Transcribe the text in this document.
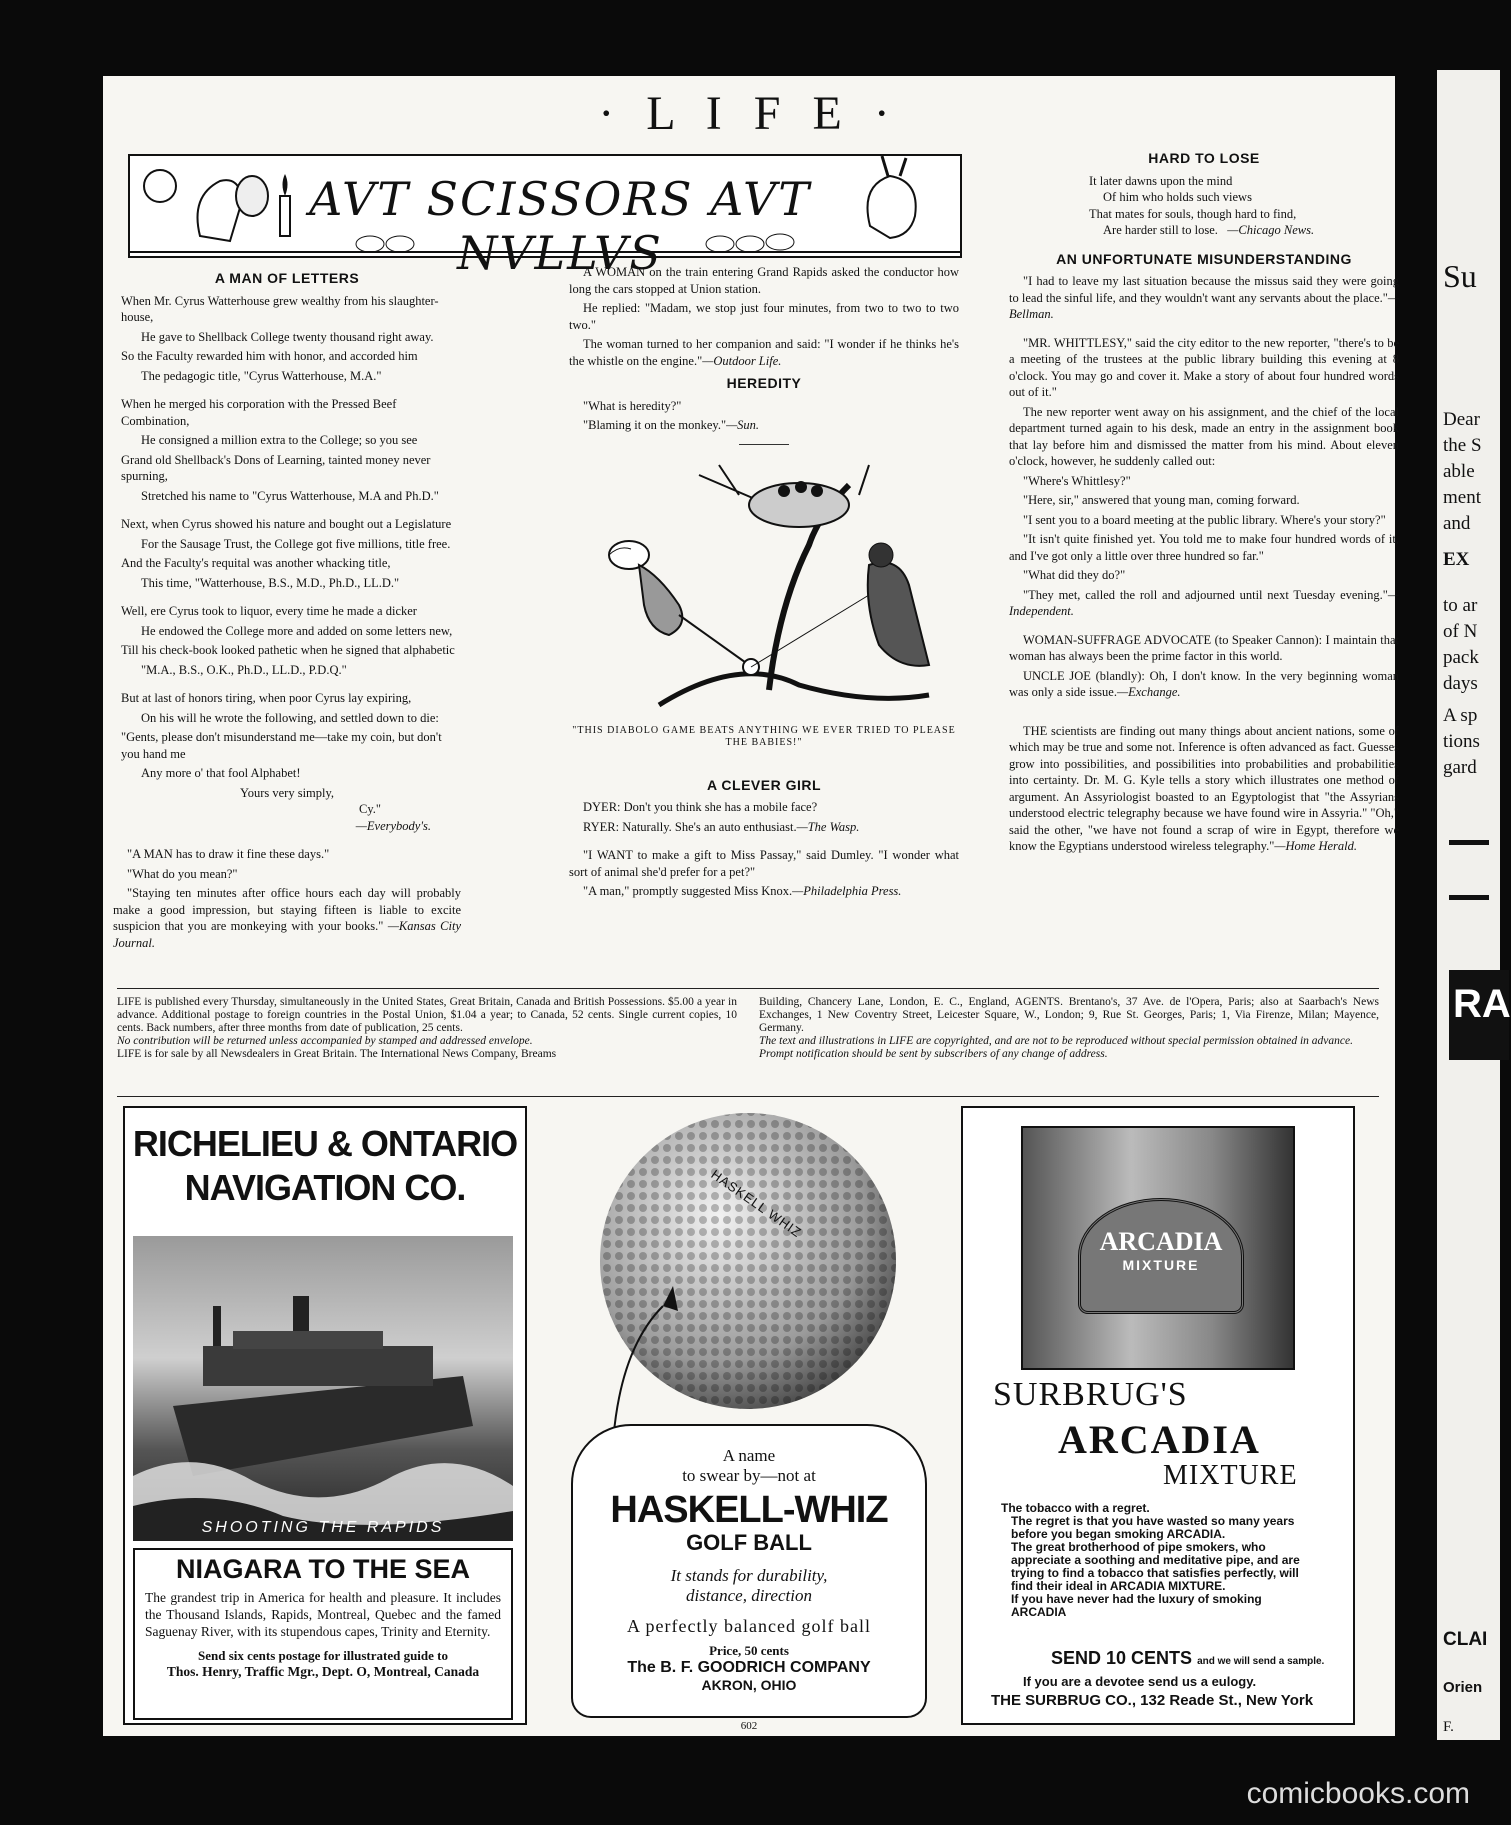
Su
Dear
the S
able
ment
and
EX
to ar
of N
pack
days
A sp
tions
gard
RA
CLAI
Orien
F.
· L I F E ·
AVT SCISSORS AVT NVLLVS
A MAN OF LETTERS

When Mr. Cyrus Watterhouse grew wealthy from his slaughter-house,

He gave to Shellback College twenty thousand right away.

So the Faculty rewarded him with honor, and accorded him

The pedagogic title, "Cyrus Watterhouse, M.A."

When he merged his corporation with the Pressed Beef Combination,

He consigned a million extra to the College; so you see

Grand old Shellback's Dons of Learning, tainted money never spurning,

Stretched his name to "Cyrus Watterhouse, M.A and Ph.D."

Next, when Cyrus showed his nature and bought out a Legislature

For the Sausage Trust, the College got five millions, title free.

And the Faculty's requital was another whacking title,

This time, "Watterhouse, B.S., M.D., Ph.D., LL.D."

Well, ere Cyrus took to liquor, every time he made a dicker

He endowed the College more and added on some letters new,

Till his check-book looked pathetic when he signed that alphabetic

"M.A., B.S., O.K., Ph.D., LL.D., P.D.Q."

But at last of honors tiring, when poor Cyrus lay expiring,

On his will he wrote the following, and settled down to die:

"Gents, please don't misunderstand me—take my coin, but don't you hand me

Any more o' that fool Alphabet!

Yours very simply,

Cy."

—Everybody's.

"A MAN has to draw it fine these days."

"What do you mean?"

"Staying ten minutes after office hours each day will probably make a good impression, but staying fifteen is liable to excite suspicion that you are monkeying with your books." —Kansas City Journal.

A WOMAN on the train entering Grand Rapids asked the conductor how long the cars stopped at Union station.

He replied: "Madam, we stop just four minutes, from two to two to two two."

The woman turned to her companion and said: "I wonder if he thinks he's the whistle on the engine."—Outdoor Life.

HEREDITY

"What is heredity?"

"Blaming it on the monkey."—Sun.

"THIS DIABOLO GAME BEATS ANYTHING WE EVER TRIED TO PLEASE THE BABIES!"

A CLEVER GIRL

DYER: Don't you think she has a mobile face?

RYER: Naturally. She's an auto enthusiast.—The Wasp.

"I WANT to make a gift to Miss Passay," said Dumley. "I wonder what sort of animal she'd prefer for a pet?"

"A man," promptly suggested Miss Knox.—Philadelphia Press.

HARD TO LOSE

It later dawns upon the mind

Of him who holds such views

That mates for souls, though hard to find,

Are harder still to lose. —Chicago News.

AN UNFORTUNATE MISUNDERSTANDING

"I had to leave my last situation because the missus said they were going to lead the sinful life, and they wouldn't want any servants about the place."—Bellman.

"MR. WHITTLESY," said the city editor to the new reporter, "there's to be a meeting of the trustees at the public library building this evening at 8 o'clock. You may go and cover it. Make a story of about four hundred words out of it."

The new reporter went away on his assignment, and the chief of the local department turned again to his desk, made an entry in the assignment book that lay before him and dismissed the matter from his mind. About eleven o'clock, however, he suddenly called out:

"Where's Whittlesy?"

"Here, sir," answered that young man, coming forward.

"I sent you to a board meeting at the public library. Where's your story?"

"It isn't quite finished yet. You told me to make four hundred words of it, and I've got only a little over three hundred so far."

"What did they do?"

"They met, called the roll and adjourned until next Tuesday evening."—Independent.

WOMAN-SUFFRAGE ADVOCATE (to Speaker Cannon): I maintain that woman has always been the prime factor in this world.

UNCLE JOE (blandly): Oh, I don't know. In the very beginning woman was only a side issue.—Exchange.

THE scientists are finding out many things about ancient nations, some of which may be true and some not. Inference is often advanced as fact. Guesses grow into possibilities, and possibilities into probabilities and probabilities into certainty. Dr. M. G. Kyle tells a story which illustrates one method of argument. An Assyriologist boasted to an Egyptologist that "the Assyrians understood electric telegraphy because we have found wire in Assyria." "Oh," said the other, "we have not found a scrap of wire in Egypt, therefore we know the Egyptians understood wireless telegraphy."—Home Herald.

LIFE is published every Thursday, simultaneously in the United States, Great Britain, Canada and British Possessions. $5.00 a year in advance. Additional postage to foreign countries in the Postal Union, $1.04 a year; to Canada, 52 cents. Single current copies, 10 cents. Back numbers, after three months from date of publication, 25 cents.
No contribution will be returned unless accompanied by stamped and addressed envelope.
LIFE is for sale by all Newsdealers in Great Britain. The International News Company, Breams
Building, Chancery Lane, London, E. C., England, AGENTS. Brentano's, 37 Ave. de l'Opera, Paris; also at Saarbach's News Exchanges, 1 New Coventry Street, Leicester Square, W., London; 9, Rue St. Georges, Paris; 1, Via Firenze, Milan; Mayence, Germany.
The text and illustrations in LIFE are copyrighted, and are not to be reproduced without special permission obtained in advance.
Prompt notification should be sent by subscribers of any change of address.
RICHELIEU & ONTARIO
NAVIGATION CO.
SHOOTING THE RAPIDS
NIAGARA TO THE SEA
The grandest trip in America for health and pleasure. It includes the Thousand Islands, Rapids, Montreal, Quebec and the famed Saguenay River, with its stupendous capes, Trinity and Eternity.
Send six cents postage for illustrated guide to
Thos. Henry, Traffic Mgr., Dept. O, Montreal, Canada
HASKELL WHIZ
A name
to swear by—not at
HASKELL-WHIZ
GOLF BALL
It stands for durability,
distance, direction
A perfectly balanced golf ball
Price, 50 cents
The B. F. GOODRICH COMPANY
AKRON, OHIO
ARCADIA
MIXTURE
SURBRUG'S
ARCADIA
MIXTURE
The tobacco with a regret.
The regret is that you have wasted so many years before you began smoking ARCADIA.
The great brotherhood of pipe smokers, who appreciate a soothing and meditative pipe, and are trying to find a tobacco that satisfies perfectly, will find their ideal in ARCADIA MIXTURE.
If you have never had the luxury of smoking ARCADIA
SEND 10 CENTS and we will send a sample.
If you are a devotee send us a eulogy.
THE SURBRUG CO., 132 Reade St., New York
602
comicbooks.com
